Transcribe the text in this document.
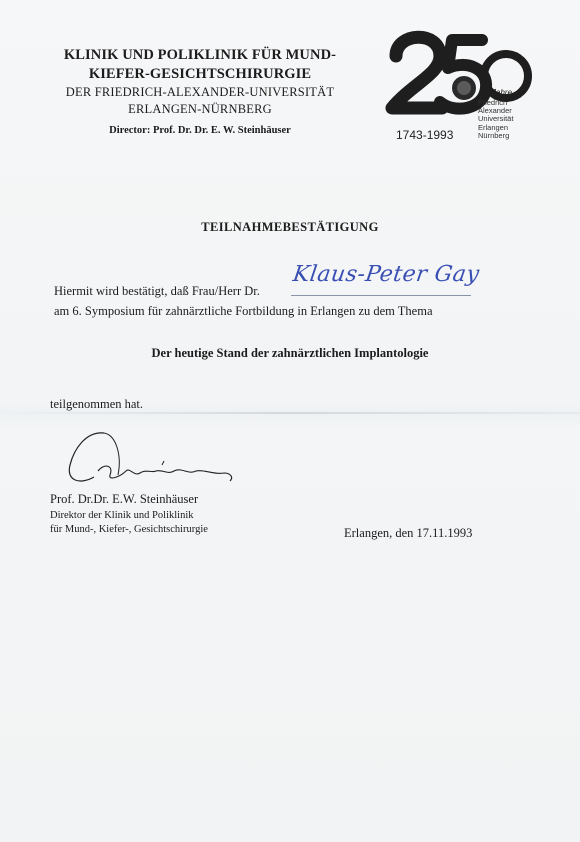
KLINIK UND POLIKLINIK FÜR MUND-
KIEFER-GESICHTSCHIRURGIE
DER FRIEDRICH-ALEXANDER-UNIVERSITÄT
ERLANGEN-NÜRNBERG
Director: Prof. Dr. Dr. E. W. Steinhäuser
Jahre
Friedrich
Alexander
Universität
Erlangen
Nürnberg
1743-1993
TEILNAHMEBESTÄTIGUNG
Hiermit wird bestätigt, daß Frau/Herr Dr.
Klaus-Peter Gay
am 6. Symposium für zahnärztliche Fortbildung in Erlangen zu dem Thema
Der heutige Stand der zahnärztlichen Implantologie
teilgenommen hat.
Prof. Dr.Dr. E.W. Steinhäuser
Direktor der Klinik und Poliklinik
für Mund-, Kiefer-, Gesichtschirurgie	Erlangen, den 17.11.1993
